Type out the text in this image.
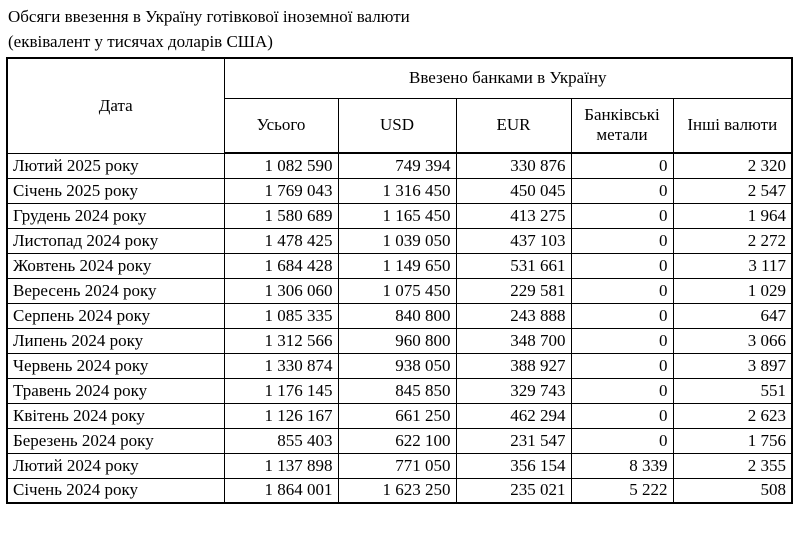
Обсяги ввезення в Україну готівкової іноземної валюти

(еквівалент у тисячах доларів США)

Дата	Ввезено банками в Україну				
	Усього	USD	EUR	Банківські метали	Інші валюти
Лютий 2025 року	1 082 590	749 394	330 876	0	2 320
Січень 2025 року	1 769 043	1 316 450	450 045	0	2 547
Грудень 2024 року	1 580 689	1 165 450	413 275	0	1 964
Листопад 2024 року	1 478 425	1 039 050	437 103	0	2 272
Жовтень 2024 року	1 684 428	1 149 650	531 661	0	3 117
Вересень 2024 року	1 306 060	1 075 450	229 581	0	1 029
Серпень 2024 року	1 085 335	840 800	243 888	0	647
Липень 2024 року	1 312 566	960 800	348 700	0	3 066
Червень 2024 року	1 330 874	938 050	388 927	0	3 897
Травень 2024 року	1 176 145	845 850	329 743	0	551
Квітень 2024 року	1 126 167	661 250	462 294	0	2 623
Березень 2024 року	855 403	622 100	231 547	0	1 756
Лютий 2024 року	1 137 898	771 050	356 154	8 339	2 355
Січень 2024 року	1 864 001	1 623 250	235 021	5 222	508
